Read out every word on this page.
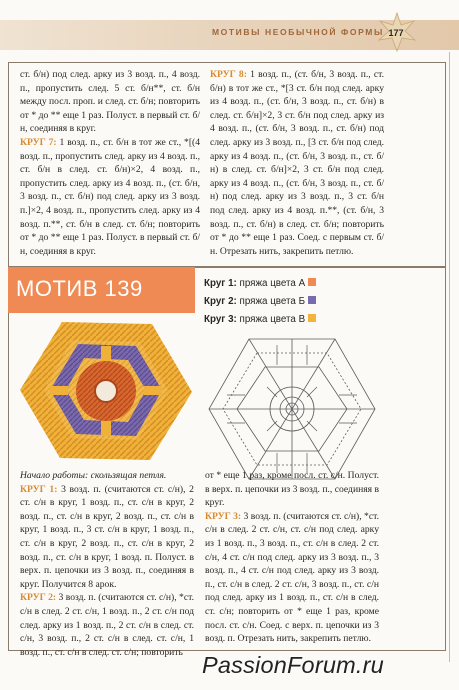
МОТИВЫ НЕОБЫЧНОЙ ФОРМЫ 177
ст. б/н) под след. арку из 3 возд. п., 4 возд. п., пропустить след. 5 ст. б/н**, ст. б/н между посл. проп. и след. ст. б/н; повторить от * до ** еще 1 раз. Полуст. в первый ст. б/н, соединяя в круг.
КРУГ 7: 1 возд. п., ст. б/н в тот же ст., *[(4 возд. п., пропустить след. арку из 4 возд. п., ст. б/н в след. ст. б/н)×2, 4 возд. п., пропустить след. арку из 4 возд. п., (ст. б/н, 3 возд. п., ст. б/н) под след. арку из 3 возд. п.]×2, 4 возд. п., пропустить след. арку из 4 возд. п.**, ст. б/н в след. ст. б/н; повторить от * до ** еще 1 раз. Полуст. в первый ст. б/н, соединяя в круг.
КРУГ 8: 1 возд. п., (ст. б/н, 3 возд. п., ст. б/н) в тот же ст., *[3 ст. б/н под след. арку из 4 возд. п., (ст. б/н, 3 возд. п., ст. б/н) в след. ст. б/н]×2, 3 ст. б/н под след. арку из 4 возд. п., (ст. б/н, 3 возд. п., ст. б/н) под след. арку из 3 возд. п., [3 ст. б/н под след. арку из 4 возд. п., (ст. б/н, 3 возд. п., ст. б/н) в след. ст. б/н]×2, 3 ст. б/н под след. арку из 4 возд. п., (ст. б/н, 3 возд. п., ст. б/н) под след. арку из 3 возд. п., 3 ст. б/н под след. арку из 4 возд. п.**, (ст. б/н, 3 возд. п., ст. б/н) в след. ст. б/н; повторить от * до ** еще 1 раз. Соед. с первым ст. б/н. Отрезать нить, закрепить петлю.
МОТИВ 139	Круг 1: пряжа цвета А
Круг 2: пряжа цвета Б
Круг 3: пряжа цвета В
Начало работы: скользящая петля.
КРУГ 1: 3 возд. п. (считаются ст. с/н), 2 ст. с/н в круг, 1 возд. п., ст. с/н в круг, 2 возд. п., ст. с/н в круг, 2 возд. п., ст. с/н в круг, 1 возд. п., 3 ст. с/н в круг, 1 возд. п., ст. с/н в круг, 2 возд. п., ст. с/н в круг, 2 возд. п., ст. с/н в круг, 1 возд. п. Полуст. в верх. п. цепочки из 3 возд. п., соединяя в круг. Получится 8 арок.
КРУГ 2: 3 возд. п. (считаются ст. с/н), *ст. с/н в след. 2 ст. с/н, 1 возд. п., 2 ст. с/н под след. арку из 1 возд. п., 2 ст. с/н в след. ст. с/н, 3 возд. п., 2 ст. с/н в след. ст. с/н, 1 возд. п., ст. с/н в след. ст. с/н; повторить
от * еще 1 раз, кроме посл. ст. с/н. Полуст. в верх. п. цепочки из 3 возд. п., соединяя в круг.
КРУГ 3: 3 возд. п. (считаются ст. с/н), *ст. с/н в след. 2 ст. с/н, ст. с/н под след. арку из 1 возд. п., 3 возд. п., ст. с/н в след. 2 ст. с/н, 4 ст. с/н под след. арку из 3 возд. п., 3 возд. п., 4 ст. с/н под след. арку из 3 возд. п., ст. с/н в след. 2 ст. с/н, 3 возд. п., ст. с/н под след. арку из 1 возд. п., ст. с/н в след. ст. с/н; повторить от * еще 1 раз, кроме посл. ст. с/н. Соед. с верх. п. цепочки из 3 возд. п. Отрезать нить, закрепить петлю.
PassionForum.ru
